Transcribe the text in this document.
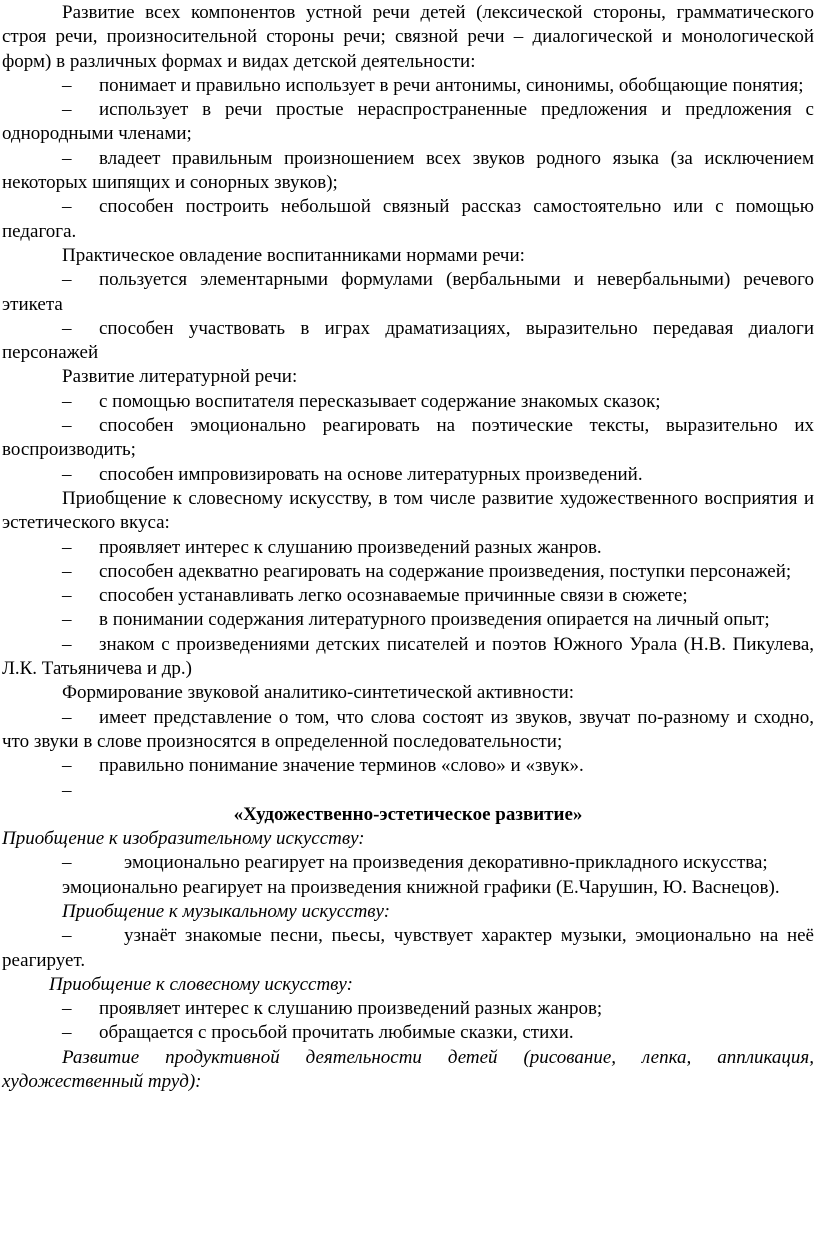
Развитие всех компонентов устной речи детей (лексической стороны, грамматического строя речи, произносительной стороны речи; связной речи – диалогической и монологической форм) в различных формах и видах детской деятельности:

– понимает и правильно использует в речи антонимы, синонимы, обобщающие понятия;

– использует в речи простые нераспространенные предложения и предложения с однородными членами;

– владеет правильным произношением всех звуков родного языка (за исключением некоторых шипящих и сонорных звуков);

– способен построить небольшой связный рассказ самостоятельно или с помощью педагога.

Практическое овладение воспитанниками нормами речи:

– пользуется элементарными формулами (вербальными и невербальными) речевого этикета

– способен участвовать в играх драматизациях, выразительно передавая диалоги персонажей

Развитие литературной речи:

– с помощью воспитателя пересказывает содержание знакомых сказок;

– способен эмоционально реагировать на поэтические тексты, выразительно их воспроизводить;

– способен импровизировать на основе литературных произведений.

Приобщение к словесному искусству, в том числе развитие художественного восприятия и эстетического вкуса:

– проявляет интерес к слушанию произведений разных жанров.

– способен адекватно реагировать на содержание произведения, поступки персонажей;

– способен устанавливать легко осознаваемые причинные связи в сюжете;

– в понимании содержания литературного произведения опирается на личный опыт;

– знаком с произведениями детских писателей и поэтов Южного Урала (Н.В. Пикулева, Л.К. Татьяничева и др.)

Формирование звуковой аналитико-синтетической активности:

– имеет представление о том, что слова состоят из звуков, звучат по-разному и сходно, что звуки в слове произносятся в определенной последовательности;

– правильно понимание значение терминов «слово» и «звук».

–

«Художественно-эстетическое развитие»

Приобщение к изобразительному искусству:

–	эмоционально реагирует на произведения декоративно-прикладного искусства;

эмоционально реагирует на произведения книжной графики (Е.Чарушин, Ю. Васнецов).

Приобщение к музыкальному искусству:

–	узнаёт знакомые песни, пьесы, чувствует характер музыки, эмоционально на неё реагирует.

Приобщение к словесному искусству:

– проявляет интерес к слушанию произведений разных жанров;

– обращается с просьбой прочитать любимые сказки, стихи.

Развитие продуктивной деятельности детей (рисование, лепка, аппликация, художественный труд):
